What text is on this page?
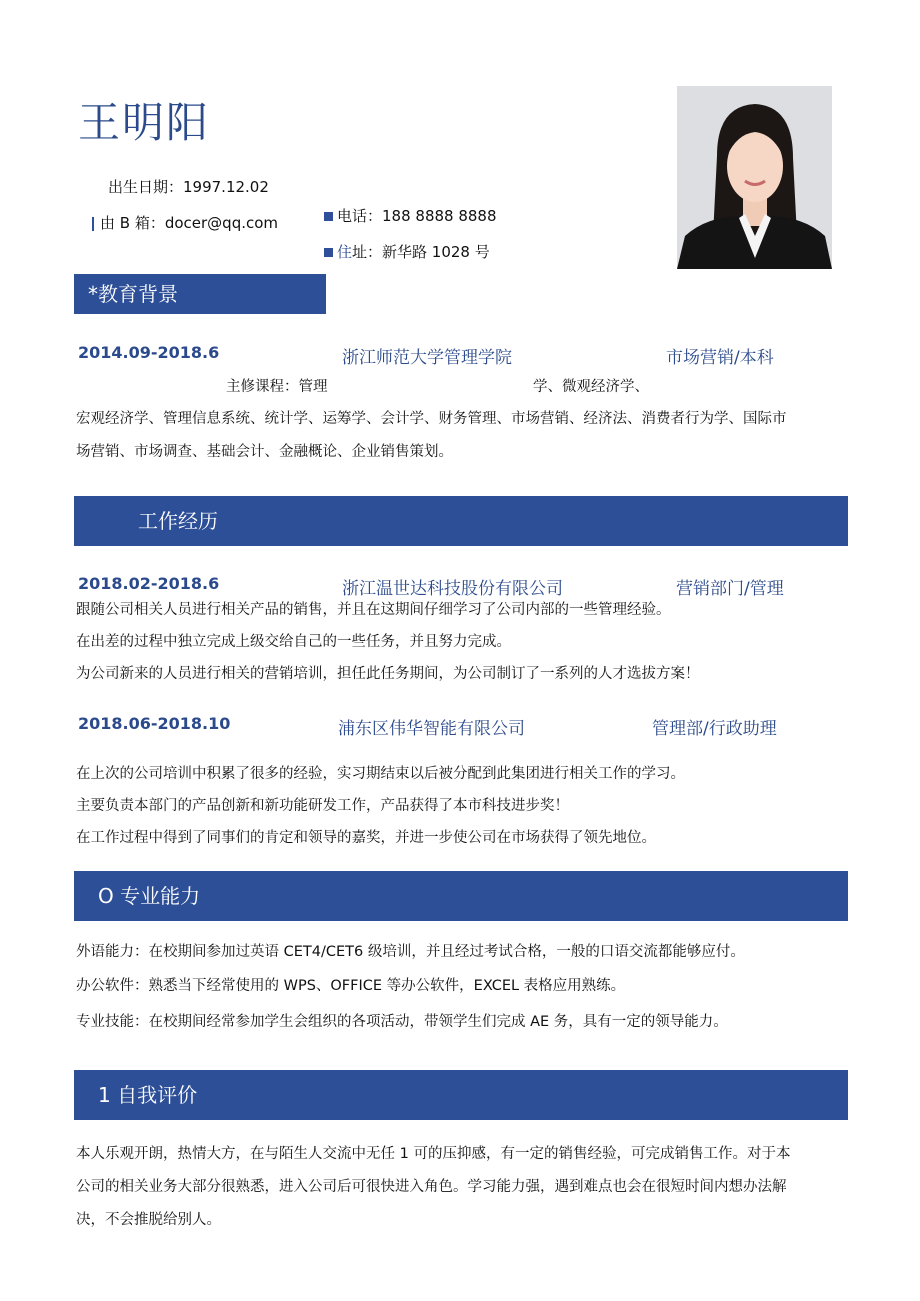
王明阳
出生日期：1997.12.02
由 B 箱：docer@qq.com	电话：188 8888 8888
住址：新华路 1028 号
*教育背景
2014.09-2018.6	浙江师范大学管理学院	市场营销/本科
主修课程：管理	学、微观经济学、
宏观经济学、管理信息系统、统计学、运筹学、会计学、财务管理、市场营销、经济法、消费者行为学、国际市
场营销、市场调查、基础会计、金融概论、企业销售策划。
工作经历
2018.02-2018.6	浙江温世达科技股份有限公司	营销部门/管理
跟随公司相关人员进行相关产品的销售，并且在这期间仔细学习了公司内部的一些管理经验。
在出差的过程中独立完成上级交给自己的一些任务，并且努力完成。
为公司新来的人员进行相关的营销培训，担任此任务期间，为公司制订了一系列的人才选拔方案！
2018.06-2018.10	浦东区伟华智能有限公司	管理部/行政助理
在上次的公司培训中积累了很多的经验，实习期结束以后被分配到此集团进行相关工作的学习。
主要负责本部门的产品创新和新功能研发工作，产品获得了本市科技进步奖！
在工作过程中得到了同事们的肯定和领导的嘉奖，并进一步使公司在市场获得了领先地位。
O 专业能力
外语能力：在校期间参加过英语 CET4/CET6 级培训，并且经过考试合格，一般的口语交流都能够应付。
办公软件：熟悉当下经常使用的 WPS、OFFICE 等办公软件，EXCEL 表格应用熟练。
专业技能：在校期间经常参加学生会组织的各项活动，带领学生们完成 AE 务，具有一定的领导能力。
1 自我评价
本人乐观开朗，热情大方，在与陌生人交流中无任 1 可的压抑感，有一定的销售经验，可完成销售工作。对于本
公司的相关业务大部分很熟悉，进入公司后可很快进入角色。学习能力强，遇到难点也会在很短时间内想办法解
决，不会推脱给别人。
